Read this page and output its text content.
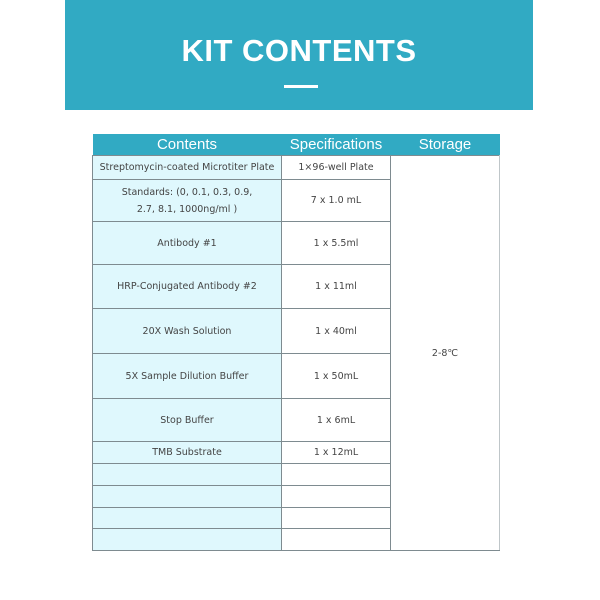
KIT CONTENTS
Contents	Specifications	Storage
Streptomycin-coated Microtiter Plate	1×96-well Plate	2-8℃
Standards: (0, 0.1, 0.3, 0.9, 2.7, 8.1, 1000ng/ml )	7 x 1.0 mL	
Antibody #1	1 x 5.5ml	
HRP-Conjugated Antibody #2	1 x 11ml	
20X Wash Solution	1 x 40ml	
5X Sample Dilution Buffer	1 x 50mL	
Stop Buffer	1 x 6mL	
TMB Substrate	1 x 12mL	
